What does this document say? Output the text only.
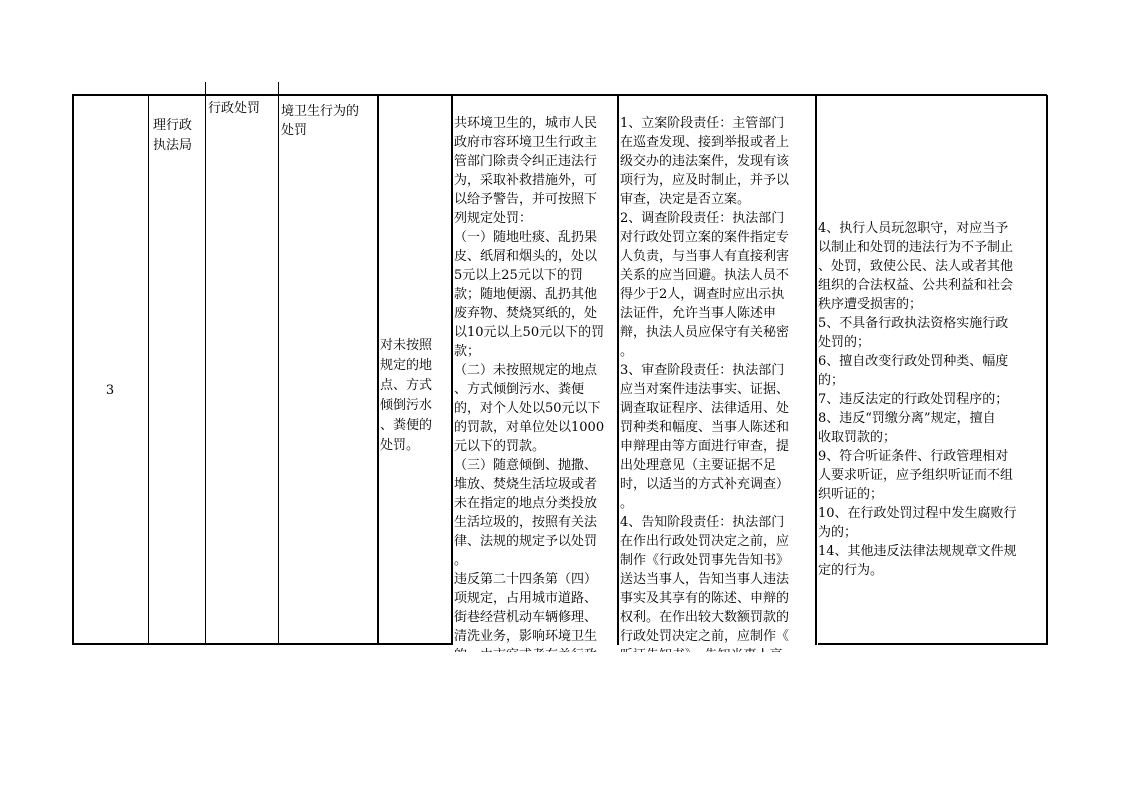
行政处罚	境卫生行为的
处罚

3

理行政
执法局

对未按照
规定的地
点、方式
倾倒污水
、粪便的
处罚。

共环境卫生的，城市人民
政府市容环境卫生行政主
管部门除责令纠正违法行
为，采取补救措施外，可
以给予警告，并可按照下
列规定处罚：
（一）随地吐痰、乱扔果
皮、纸屑和烟头的，处以
5元以上25元以下的罚
款；随地便溺、乱扔其他
废弃物、焚烧冥纸的，处
以10元以上50元以下的罚
款；
（二）未按照规定的地点
、方式倾倒污水、粪便
的，对个人处以50元以下
的罚款，对单位处以1000
元以下的罚款。
（三）随意倾倒、抛撒、
堆放、焚烧生活垃圾或者
未在指定的地点分类投放
生活垃圾的，按照有关法
律、法规的规定予以处罚
。
违反第二十四条第（四）
项规定，占用城市道路、
街巷经营机动车辆修理、
清洗业务，影响环境卫生

1、立案阶段责任：主管部门
在巡查发现、接到举报或者上
级交办的违法案件，发现有该
项行为，应及时制止，并予以
审查，决定是否立案。
2、调查阶段责任：执法部门
对行政处罚立案的案件指定专
人负责，与当事人有直接利害
关系的应当回避。执法人员不
得少于2人，调查时应出示执
法证件，允许当事人陈述申
辩，执法人员应保守有关秘密
。
3、审查阶段责任：执法部门
应当对案件违法事实、证据、
调查取证程序、法律适用、处
罚种类和幅度、当事人陈述和
申辩理由等方面进行审查，提
出处理意见（主要证据不足
时，以适当的方式补充调查）
。
4、告知阶段责任：执法部门
在作出行政处罚决定之前，应
制作《行政处罚事先告知书》
送达当事人，告知当事人违法
事实及其享有的陈述、申辩的
权利。在作出较大数额罚款的
行政处罚决定之前，应制作《

4、执行人员玩忽职守，对应当予
以制止和处罚的违法行为不予制止
、处罚，致使公民、法人或者其他
组织的合法权益、公共利益和社会
秩序遭受损害的；
5、不具备行政执法资格实施行政
处罚的；
6、擅自改变行政处罚种类、幅度
的；
7、违反法定的行政处罚程序的；
8、违反“罚缴分离”规定，擅自
收取罚款的；
9、符合听证条件、行政管理相对
人要求听证，应予组织听证而不组
织听证的；
10、在行政处罚过程中发生腐败行
为的；
14、其他违反法律法规规章文件规
定的行为。
